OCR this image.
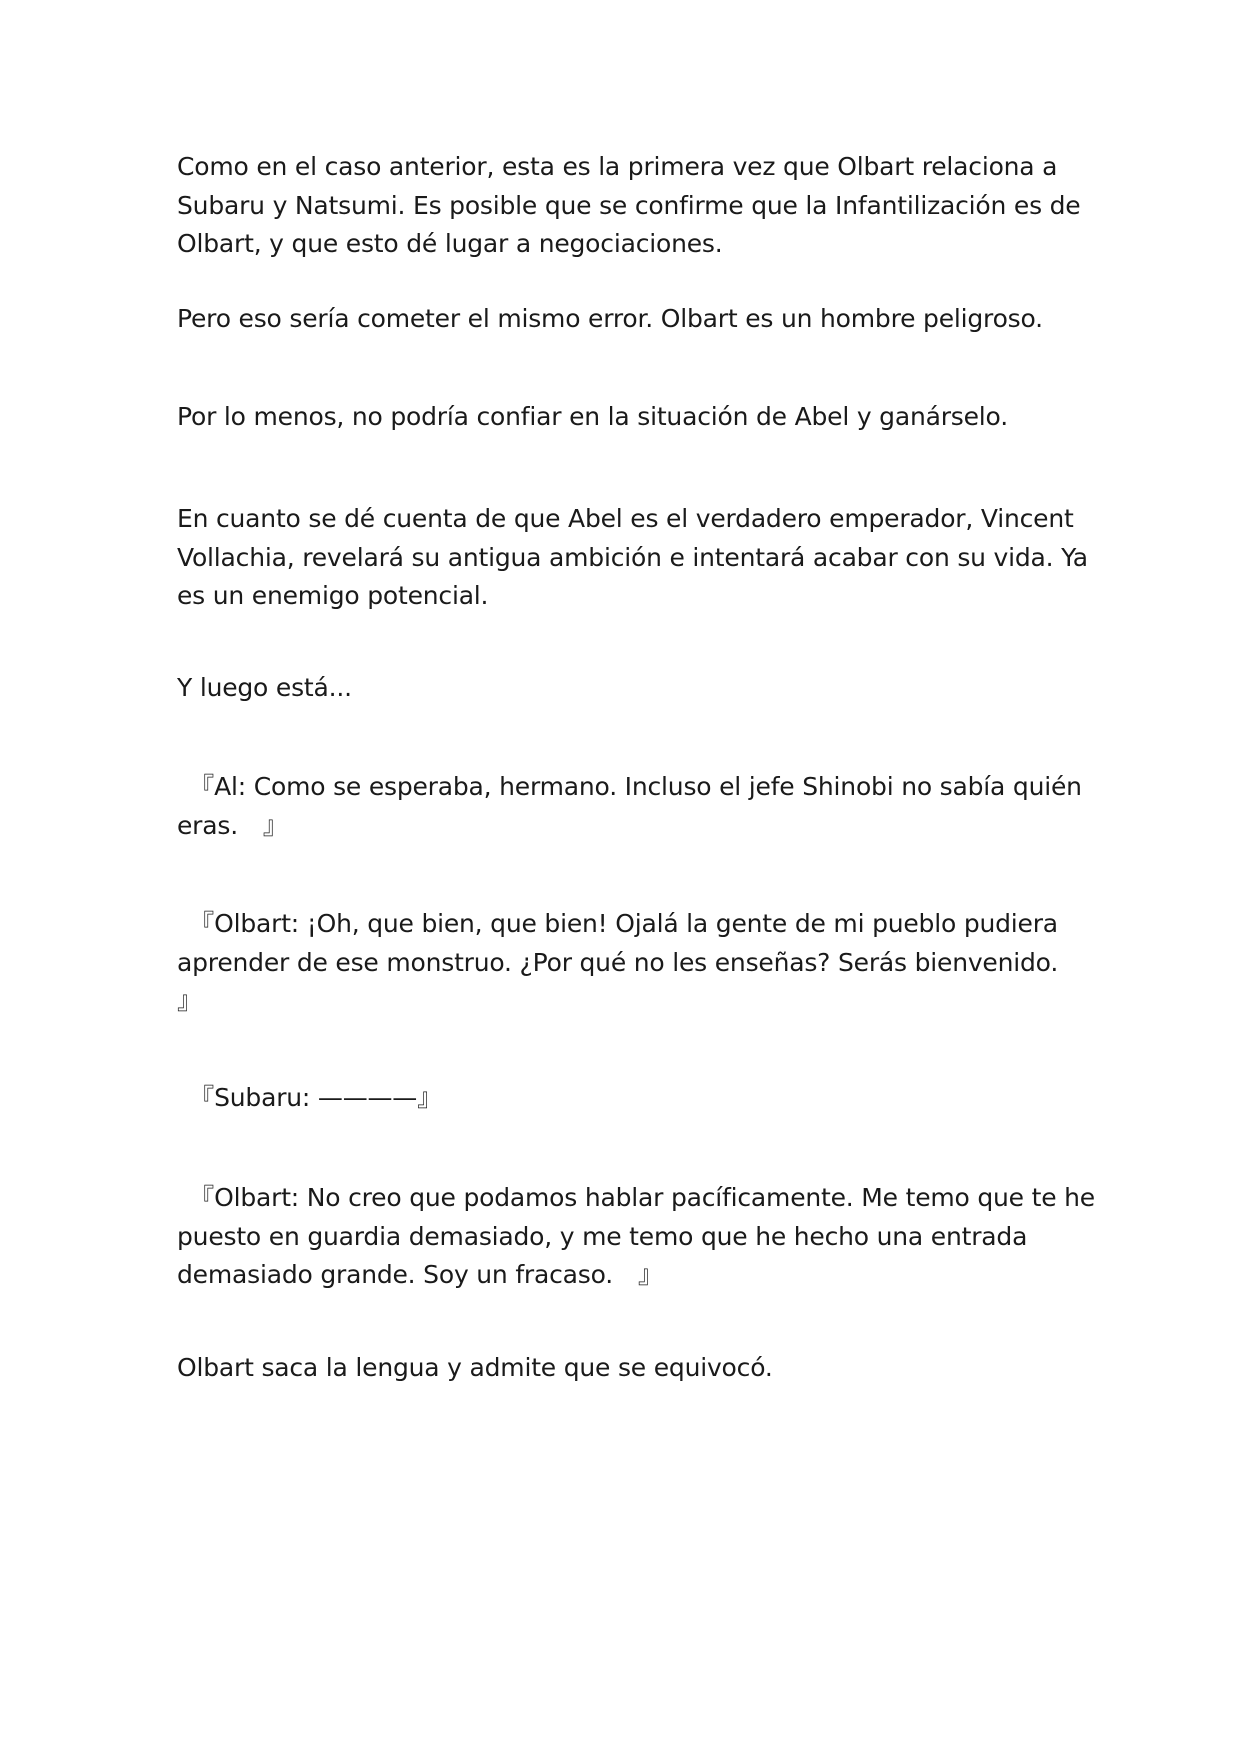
Como en el caso anterior, esta es la primera vez que Olbart relaciona a
Subaru y Natsumi. Es posible que se confirme que la Infantilización es de
Olbart, y que esto dé lugar a negociaciones.

Pero eso sería cometer el mismo error. Olbart es un hombre peligroso.

Por lo menos, no podría confiar en la situación de Abel y ganárselo.

En cuanto se dé cuenta de que Abel es el verdadero emperador, Vincent
Vollachia, revelará su antigua ambición e intentará acabar con su vida. Ya
es un enemigo potencial.

Y luego está...

　『Al: Como se esperaba, hermano. Incluso el jefe Shinobi no sabía quién
eras.　』

　『Olbart: ¡Oh, que bien, que bien! Ojalá la gente de mi pueblo pudiera
aprender de ese monstruo. ¿Por qué no les enseñas? Serás bienvenido.
』

　『Subaru: ————』

　『Olbart: No creo que podamos hablar pacíficamente. Me temo que te he
puesto en guardia demasiado, y me temo que he hecho una entrada
demasiado grande. Soy un fracaso.　』

Olbart saca la lengua y admite que se equivocó.
